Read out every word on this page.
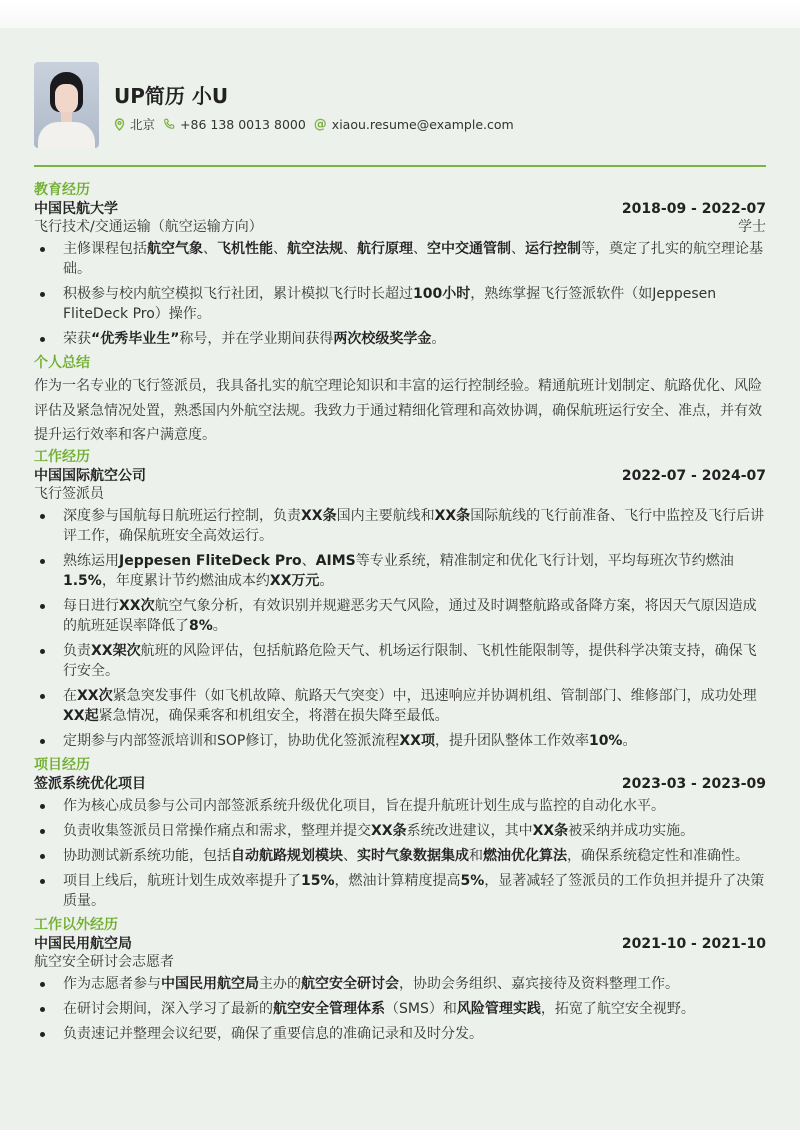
UP简历 小U
北京 +86 138 0013 8000 @ xiaou.resume@example.com
教育经历
中国民航大学	2018-09 - 2022-07
飞行技术/交通运输（航空运输方向）	学士
主修课程包括航空气象、飞机性能、航空法规、航行原理、空中交通管制、运行控制等，奠定了扎实的航空理论基础。
积极参与校内航空模拟飞行社团，累计模拟飞行时长超过100小时，熟练掌握飞行签派软件（如Jeppesen FliteDeck Pro）操作。
荣获“优秀毕业生”称号，并在学业期间获得两次校级奖学金。
个人总结
作为一名专业的飞行签派员，我具备扎实的航空理论知识和丰富的运行控制经验。精通航班计划制定、航路优化、风险评估及紧急情况处置，熟悉国内外航空法规。我致力于通过精细化管理和高效协调，确保航班运行安全、准点，并有效提升运行效率和客户满意度。
工作经历
中国国际航空公司	2022-07 - 2024-07
飞行签派员
深度参与国航每日航班运行控制，负责XX条国内主要航线和XX条国际航线的飞行前准备、飞行中监控及飞行后讲评工作，确保航班安全高效运行。
熟练运用Jeppesen FliteDeck Pro、AIMS等专业系统，精准制定和优化飞行计划，平均每班次节约燃油1.5%，年度累计节约燃油成本约XX万元。
每日进行XX次航空气象分析，有效识别并规避恶劣天气风险，通过及时调整航路或备降方案，将因天气原因造成的航班延误率降低了8%。
负责XX架次航班的风险评估，包括航路危险天气、机场运行限制、飞机性能限制等，提供科学决策支持，确保飞行安全。
在XX次紧急突发事件（如飞机故障、航路天气突变）中，迅速响应并协调机组、管制部门、维修部门，成功处理XX起紧急情况，确保乘客和机组安全，将潜在损失降至最低。
定期参与内部签派培训和SOP修订，协助优化签派流程XX项，提升团队整体工作效率10%。
项目经历
签派系统优化项目	2023-03 - 2023-09
作为核心成员参与公司内部签派系统升级优化项目，旨在提升航班计划生成与监控的自动化水平。
负责收集签派员日常操作痛点和需求，整理并提交XX条系统改进建议，其中XX条被采纳并成功实施。
协助测试新系统功能，包括自动航路规划模块、实时气象数据集成和燃油优化算法，确保系统稳定性和准确性。
项目上线后，航班计划生成效率提升了15%，燃油计算精度提高5%，显著减轻了签派员的工作负担并提升了决策质量。
工作以外经历
中国民用航空局	2021-10 - 2021-10
航空安全研讨会志愿者
作为志愿者参与中国民用航空局主办的航空安全研讨会，协助会务组织、嘉宾接待及资料整理工作。
在研讨会期间，深入学习了最新的航空安全管理体系（SMS）和风险管理实践，拓宽了航空安全视野。
负责速记并整理会议纪要，确保了重要信息的准确记录和及时分发。
